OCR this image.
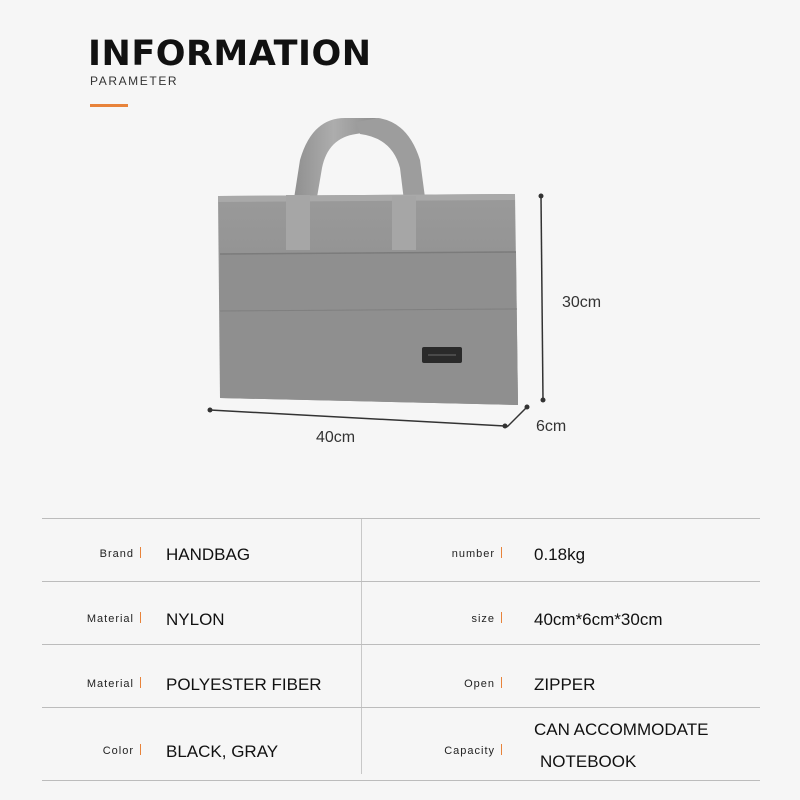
INFORMATION
PARAMETER
30cm
40cm
6cm
Brand	HANDBAG	number	0.18kg
Material	NYLON	size	40cm*6cm*30cm
Material	POLYESTER FIBER	Open	ZIPPER
Color	BLACK, GRAY	Capacity
CAN ACCOMMODATE
NOTEBOOK
